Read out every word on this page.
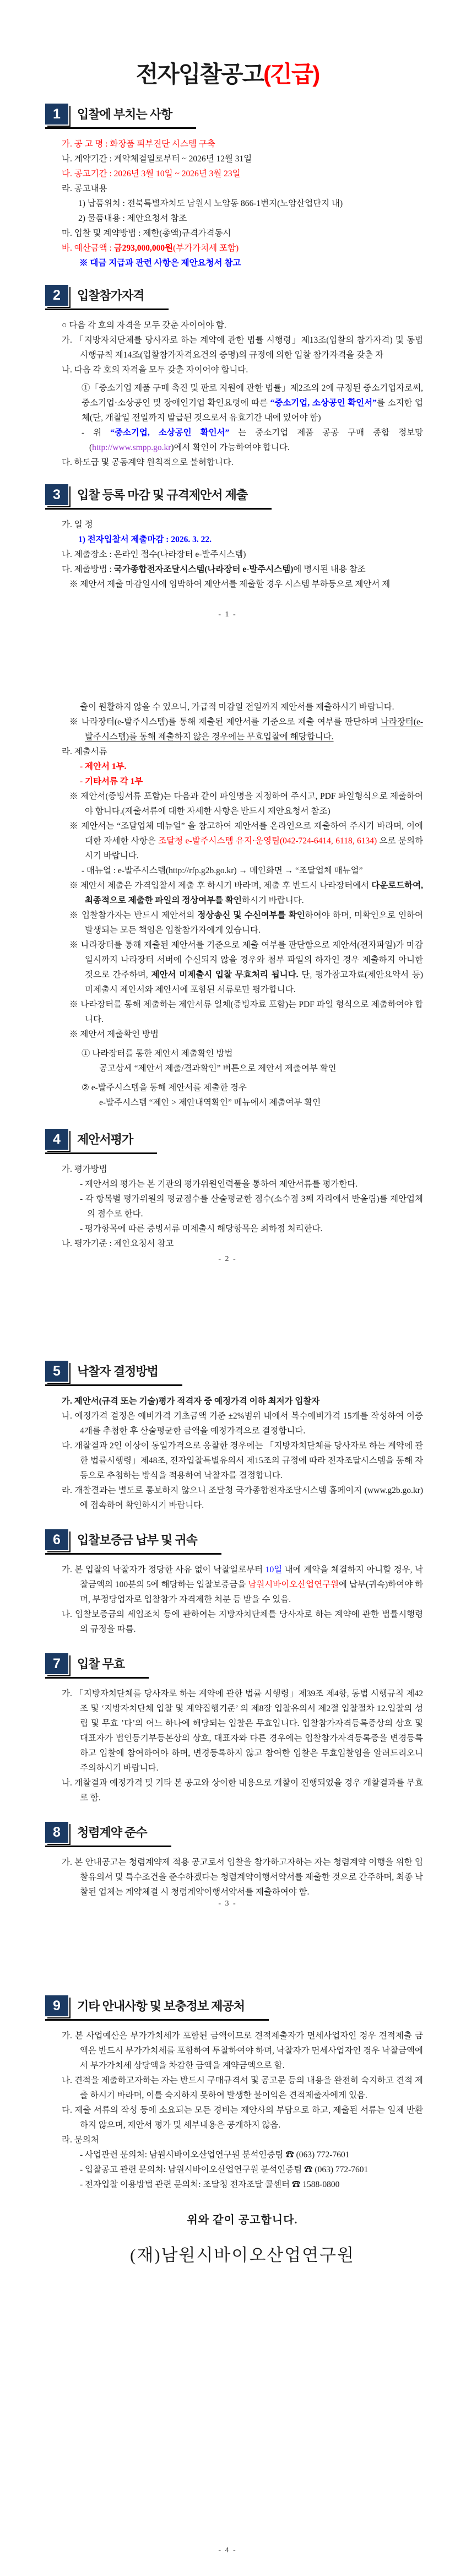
전자입찰공고(긴급)
1	입찰에 부치는 사항

가. 공 고 명 : 화장품 피부진단 시스템 구축

나. 계약기간 : 계약체결일로부터 ~ 2026년 12월 31일

다. 공고기간 : 2026년 3월 10일 ~ 2026년 3월 23일

라. 공고내용

1) 납품위치 : 전북특별자치도 남원시 노암동 866-1번지(노암산업단지 내)

2) 물품내용 : 제안요청서 참조

마. 입찰 및 계약방법 : 제한(총액)규격가격동시

바. 예산금액 : 금293,000,000원(부가가치세 포함)

※ 대금 지급과 관련 사항은 제안요청서 참고

2	입찰참가자격

○ 다음 각 호의 자격을 모두 갖춘 자이어야 함.

가. 「지방자치단체를 당사자로 하는 계약에 관한 법률 시행령」제13조(입찰의 참가자격) 및 동법 시행규칙 제14조(입찰참가자격요건의 증명)의 규정에 의한 입찰 참가자격을 갖춘 자

나. 다음 각 호의 자격을 모두 갖춘 자이어야 합니다.

①「중소기업 제품 구매 촉진 및 판로 지원에 관한 법률」제2조의 2에 규정된 중소기업자로써, 중소기업·소상공인 및 장애인기업 확인요령에 따른 “중소기업, 소상공인 확인서”를 소지한 업체(단, 개찰일 전일까지 발급된 것으로서 유효기간 내에 있어야 함)

- 위 “중소기업, 소상공인 확인서” 는 중소기업 제품 공공 구매 종합 정보망 (http://www.smpp.go.kr)에서 확인이 가능하여야 합니다.

다. 하도급 및 공동계약 원칙적으로 불허합니다.

3	입찰 등록 마감 및 규격제안서 제출

가. 일 정

1) 전자입찰서 제출마감 : 2026. 3. 22.

나. 제출장소 : 온라인 접수(나라장터 e-발주시스템)

다. 제출방법 : 국가종합전자조달시스템(나라장터 e-발주시스템)에 명시된 내용 참조

※ 제안서 제출 마감일시에 임박하여 제안서를 제출할 경우 시스템 부하등으로 제안서 제

- 1 -

출이 원활하지 않을 수 있으니, 가급적 마감일 전일까지 제안서를 제출하시기 바랍니다.

※ 나라장터(e-발주시스템)를 통해 제출된 제안서를 기준으로 제출 여부를 판단하며 나라장터(e-발주시스템)를 통해 제출하지 않은 경우에는 무효입찰에 해당합니다.

라. 제출서류

- 제안서 1부.

- 기타서류 각 1부

※ 제안서(증빙서류 포함)는 다음과 같이 파일명을 지정하여 주시고, PDF 파일형식으로 제출하여야 합니다.(제출서류에 대한 자세한 사항은 반드시 제안요청서 참조)

※ 제안서는 “조달업체 매뉴얼” 을 참고하여 제안서를 온라인으로 제출하여 주시기 바라며, 이에 대한 자세한 사항은 조달청 e-발주시스템 유지·운영팀(042-724-6414, 6118, 6134) 으로 문의하시기 바랍니다.

- 매뉴얼 : e-발주시스템(http://rfp.g2b.go.kr) → 메인화면 → “조달업체 매뉴얼”

※ 제안서 제출은 가격입찰서 제출 후 하시기 바라며, 제출 후 반드시 나라장터에서 다운로드하여, 최종적으로 제출한 파일의 정상여부를 확인하시기 바랍니다.

※ 입찰참가자는 반드시 제안서의 정상송신 및 수신여부를 확인하여야 하며, 미확인으로 인하여 발생되는 모든 책임은 입찰참가자에게 있습니다.

※ 나라장터를 통해 제출된 제안서를 기준으로 제출 여부를 판단함으로 제안서(전자파일)가 마감일시까지 나라장터 서버에 수신되지 않을 경우와 첨부 파일의 하자인 경우 제출하지 아니한 것으로 간주하며, 제안서 미제출시 입찰 무효처리 됩니다. 단, 평가참고자료(제안요약서 등) 미제출시 제안서와 제안서에 포함된 서류로만 평가합니다.

※ 나라장터를 통해 제출하는 제안서류 일체(증빙자료 포함)는 PDF 파일 형식으로 제출하여야 합니다.

※ 제안서 제출확인 방법

① 나라장터를 통한 제안서 제출확인 방법

공고상세 “제안서 제출/결과확인” 버튼으로 제안서 제출여부 확인

② e-발주시스템을 통해 제안서를 제출한 경우

e-발주시스템 “제안 > 제안내역확인” 메뉴에서 제출여부 확인

4	제안서평가

가. 평가방법

- 제안서의 평가는 본 기관의 평가위원인력풀을 통하여 제안서류를 평가한다.

- 각 항목별 평가위원의 평균점수를 산술평균한 점수(소수점 3째 자리에서 반올림)를 제안업체의 점수로 한다.

- 평가항목에 따른 증빙서류 미제출시 해당항목은 최하점 처리한다.

나. 평가기준 : 제안요청서 참고

- 2 -
5	낙찰자 결정방법

가. 제안서(규격 또는 기술)평가 적격자 중 예정가격 이하 최저가 입찰자

나. 예정가격 결정은 예비가격 기초금액 기준 ±2%범위 내에서 복수예비가격 15개를 작성하여 이중 4개를 추첨한 후 산술평균한 금액을 예정가격으로 결정합니다.

다. 개찰결과 2인 이상이 동일가격으로 응찰한 경우에는 「지방자치단체를 당사자로 하는 계약에 관한 법률시행령」제48조, 전자입찰특별유의서 제15조의 규정에 따라 전자조달시스템을 통해 자동으로 추첨하는 방식을 적용하여 낙찰자를 결정합니다.

라. 개찰결과는 별도로 통보하지 않으니 조달청 국가종합전자조달시스템 홈페이지 (www.g2b.go.kr)에 접속하여 확인하시기 바랍니다.

6	입찰보증금 납부 및 귀속

가. 본 입찰의 낙찰자가 정당한 사유 없이 낙찰일로부터 10일 내에 계약을 체결하지 아니할 경우, 낙찰금액의 100분의 5에 해당하는 입찰보증금을 남원시바이오산업연구원에 납부(귀속)하여야 하며, 부정당업자로 입찰참가 자격제한 처분 등 받을 수 있음.

나. 입찰보증금의 세입조치 등에 관하여는 지방자치단체를 당사자로 하는 계약에 관한 법률시행령의 규정을 따름.

7	입찰 무효

가. 「지방자치단체를 당사자로 하는 계약에 관한 법률 시행령」제39조 제4항, 동법 시행규칙 제42조 및 ‘지방자치단체 입찰 및 계약집행기준’ 의 제8장 입찰유의서 제2절 입찰절차 12.입찰의 성립 및 무효 ’다’의 어느 하나에 해당되는 입찰은 무효입니다. 입찰참가자격등록증상의 상호 및 대표자가 법인등기부등본상의 상호, 대표자와 다른 경우에는 입찰참가자격등록증을 변경등록하고 입찰에 참여하여야 하며, 변경등록하지 않고 참여한 입찰은 무효입찰임을 알려드리오니 주의하시기 바랍니다.

나. 개찰결과 예정가격 및 기타 본 공고와 상이한 내용으로 개찰이 진행되었을 경우 개찰결과를 무효로 함.

8	청렴계약 준수

가. 본 안내공고는 청렴계약제 적용 공고로서 입찰을 참가하고자하는 자는 청렴계약 이행을 위한 입찰유의서 및 특수조건을 준수하겠다는 청렴계약이행서약서를 제출한 것으로 간주하며, 최종 낙찰된 업체는 계약체결 시 청렴계약이행서약서를 제출하여야 함.

- 3 -
9	기타 안내사항 및 보충정보 제공처

가. 본 사업예산은 부가가치세가 포함된 금액이므로 견적제출자가 면세사업자인 경우 견적제출 금액은 반드시 부가가치세를 포함하여 투찰하여야 하며, 낙찰자가 면세사업자인 경우 낙찰금액에서 부가가치세 상당액을 차감한 금액을 계약금액으로 함.

나. 견적을 제출하고자하는 자는 반드시 구매규격서 및 공고문 등의 내용을 완전히 숙지하고 견적 제출 하시기 바라며, 이를 숙지하지 못하여 발생한 불이익은 견적제출자에게 있음.

다. 제출 서류의 작성 등에 소요되는 모든 경비는 제안사의 부담으로 하고, 제출된 서류는 일체 반환하지 않으며, 제안서 평가 및 세부내용은 공개하지 않음.

라. 문의처

- 사업관련 문의처: 남원시바이오산업연구원 분석인증팀 ☎ (063) 772-7601

- 입찰공고 관련 문의처: 남원시바이오산업연구원 분석인증팀 ☎ (063) 772-7601

- 전자입찰 이용방법 관련 문의처: 조달청 전자조달 콜센터 ☎ 1588-0800

위와 같이 공고합니다.
(재)남원시바이오산업연구원
- 4 -
